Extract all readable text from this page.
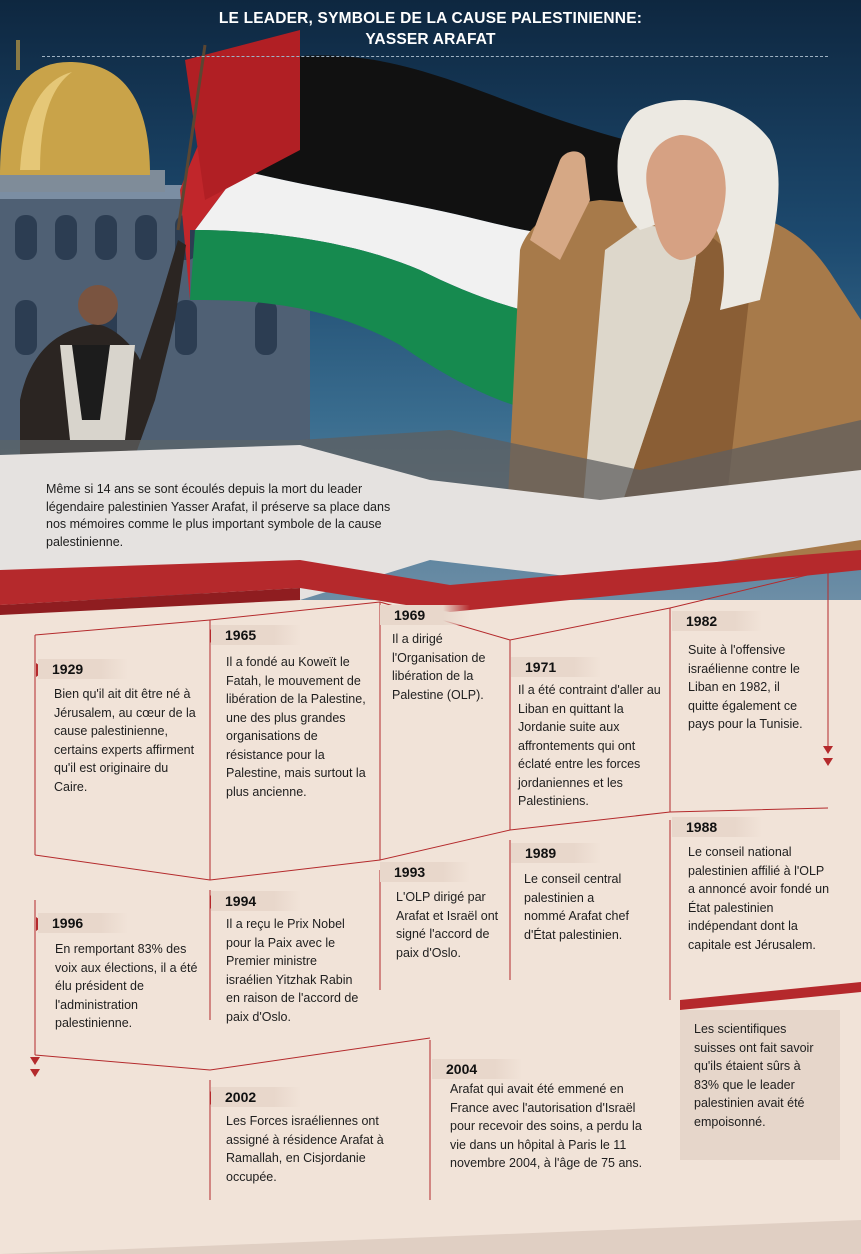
LE LEADER, SYMBOLE DE LA CAUSE PALESTINIENNE:
YASSER ARAFAT
Même si 14 ans se sont écoulés depuis la mort du leader légendaire palestinien Yasser Arafat, il préserve sa place dans nos mémoires comme le plus important symbole de la cause palestinienne.
1929
Bien qu'il ait dit être né à Jérusalem, au cœur de la cause palestinienne, certains experts affirment qu'il est originaire du Caire.
1965
Il a fondé au Koweït le Fatah, le mouvement de libération de la Palestine, une des plus grandes organisations de résistance pour la Palestine, mais surtout la plus ancienne.
1969
Il a dirigé l'Organisation de libération de la Palestine (OLP).
1971
Il a été contraint d'aller au Liban en quittant la Jordanie suite aux affrontements qui ont éclaté entre les forces jordaniennes et les Palestiniens.
1982
Suite à l'offensive israélienne contre le Liban en 1982, il quitte également ce pays pour la Tunisie.
1988
Le conseil national palestinien affilié à l'OLP a annoncé avoir fondé un État palestinien indépendant dont la capitale est Jérusalem.
1989
Le conseil central palestinien a nommé Arafat chef d'État palestinien.
1993
L'OLP dirigé par Arafat et Israël ont signé l'accord de paix d'Oslo.
1994
Il a reçu le Prix Nobel pour la Paix avec le Premier ministre israélien Yitzhak Rabin en raison de l'accord de paix d'Oslo.
1996
En remportant 83% des voix aux élections, il a été élu président de l'administration palestinienne.
2002
Les Forces israéliennes ont assigné à résidence Arafat à Ramallah, en Cisjordanie occupée.
2004
Arafat qui avait été emmené en France avec l'autorisation d'Israël pour recevoir des soins, a perdu la vie dans un hôpital à Paris le 11 novembre 2004, à l'âge de 75 ans.
Les scientifiques suisses ont fait savoir qu'ils étaient sûrs à 83% que le leader palestinien avait été empoisonné.
